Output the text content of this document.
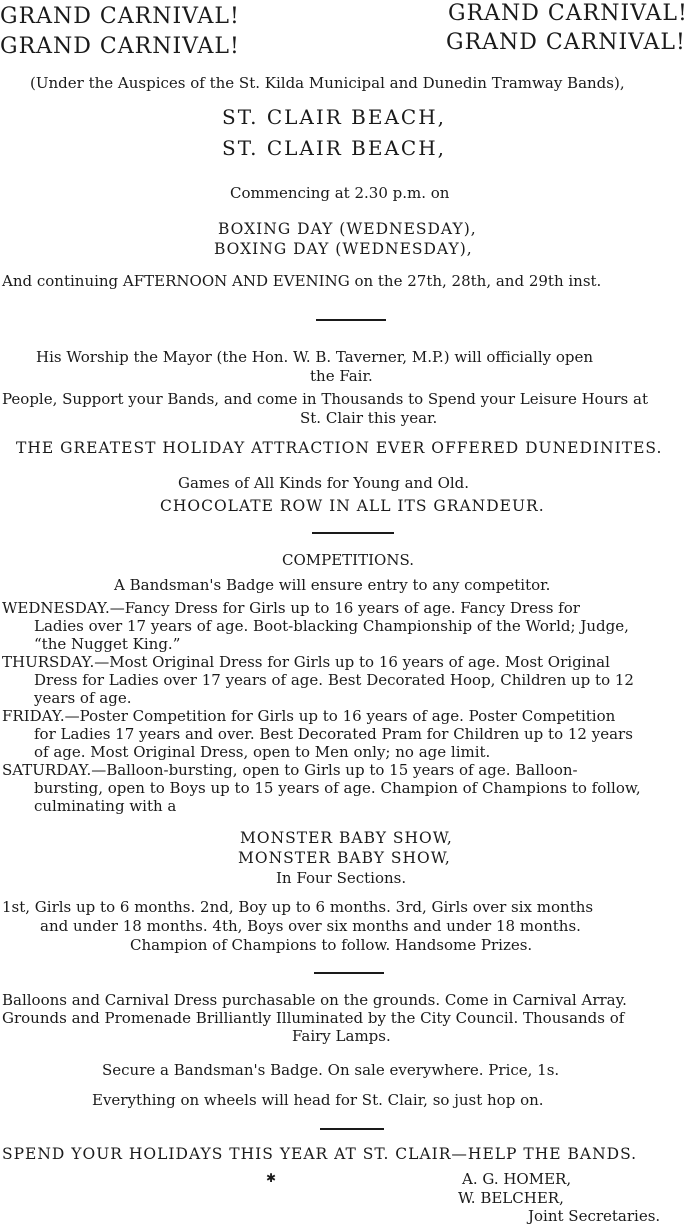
GRAND CARNIVAL!
GRAND CARNIVAL!
GRAND CARNIVAL!
GRAND CARNIVAL!
(Under the Auspices of the St. Kilda Municipal and Dunedin Tramway Bands),
ST. CLAIR BEACH,
ST. CLAIR BEACH,
Commencing at 2.30 p.m. on
BOXING DAY (WEDNESDAY),
BOXING DAY (WEDNESDAY),
And continuing AFTERNOON AND EVENING on the 27th, 28th, and 29th inst.
His Worship the Mayor (the Hon. W. B. Taverner, M.P.) will officially open
the Fair.
People, Support your Bands, and come in Thousands to Spend your Leisure Hours at
St. Clair this year.
THE GREATEST HOLIDAY ATTRACTION EVER OFFERED DUNEDINITES.
Games of All Kinds for Young and Old.
CHOCOLATE ROW IN ALL ITS GRANDEUR.
COMPETITIONS.
A Bandsman's Badge will ensure entry to any competitor.
WEDNESDAY.—Fancy Dress for Girls up to 16 years of age. Fancy Dress for
Ladies over 17 years of age. Boot-blacking Championship of the World; Judge,
“the Nugget King.”
THURSDAY.—Most Original Dress for Girls up to 16 years of age. Most Original
Dress for Ladies over 17 years of age. Best Decorated Hoop, Children up to 12
years of age.
FRIDAY.—Poster Competition for Girls up to 16 years of age. Poster Competition
for Ladies 17 years and over. Best Decorated Pram for Children up to 12 years
of age. Most Original Dress, open to Men only; no age limit.
SATURDAY.—Balloon-bursting, open to Girls up to 15 years of age. Balloon-
bursting, open to Boys up to 15 years of age. Champion of Champions to follow,
culminating with a
MONSTER BABY SHOW,
MONSTER BABY SHOW,
In Four Sections.
1st, Girls up to 6 months. 2nd, Boy up to 6 months. 3rd, Girls over six months
and under 18 months. 4th, Boys over six months and under 18 months.
Champion of Champions to follow. Handsome Prizes.
Balloons and Carnival Dress purchasable on the grounds. Come in Carnival Array.
Grounds and Promenade Brilliantly Illuminated by the City Council. Thousands of
Fairy Lamps.
Secure a Bandsman's Badge. On sale everywhere. Price, 1s.
Everything on wheels will head for St. Clair, so just hop on.
SPEND YOUR HOLIDAYS THIS YEAR AT ST. CLAIR—HELP THE BANDS.
✱	A. G. HOMER,
W. BELCHER,
Joint Secretaries.
